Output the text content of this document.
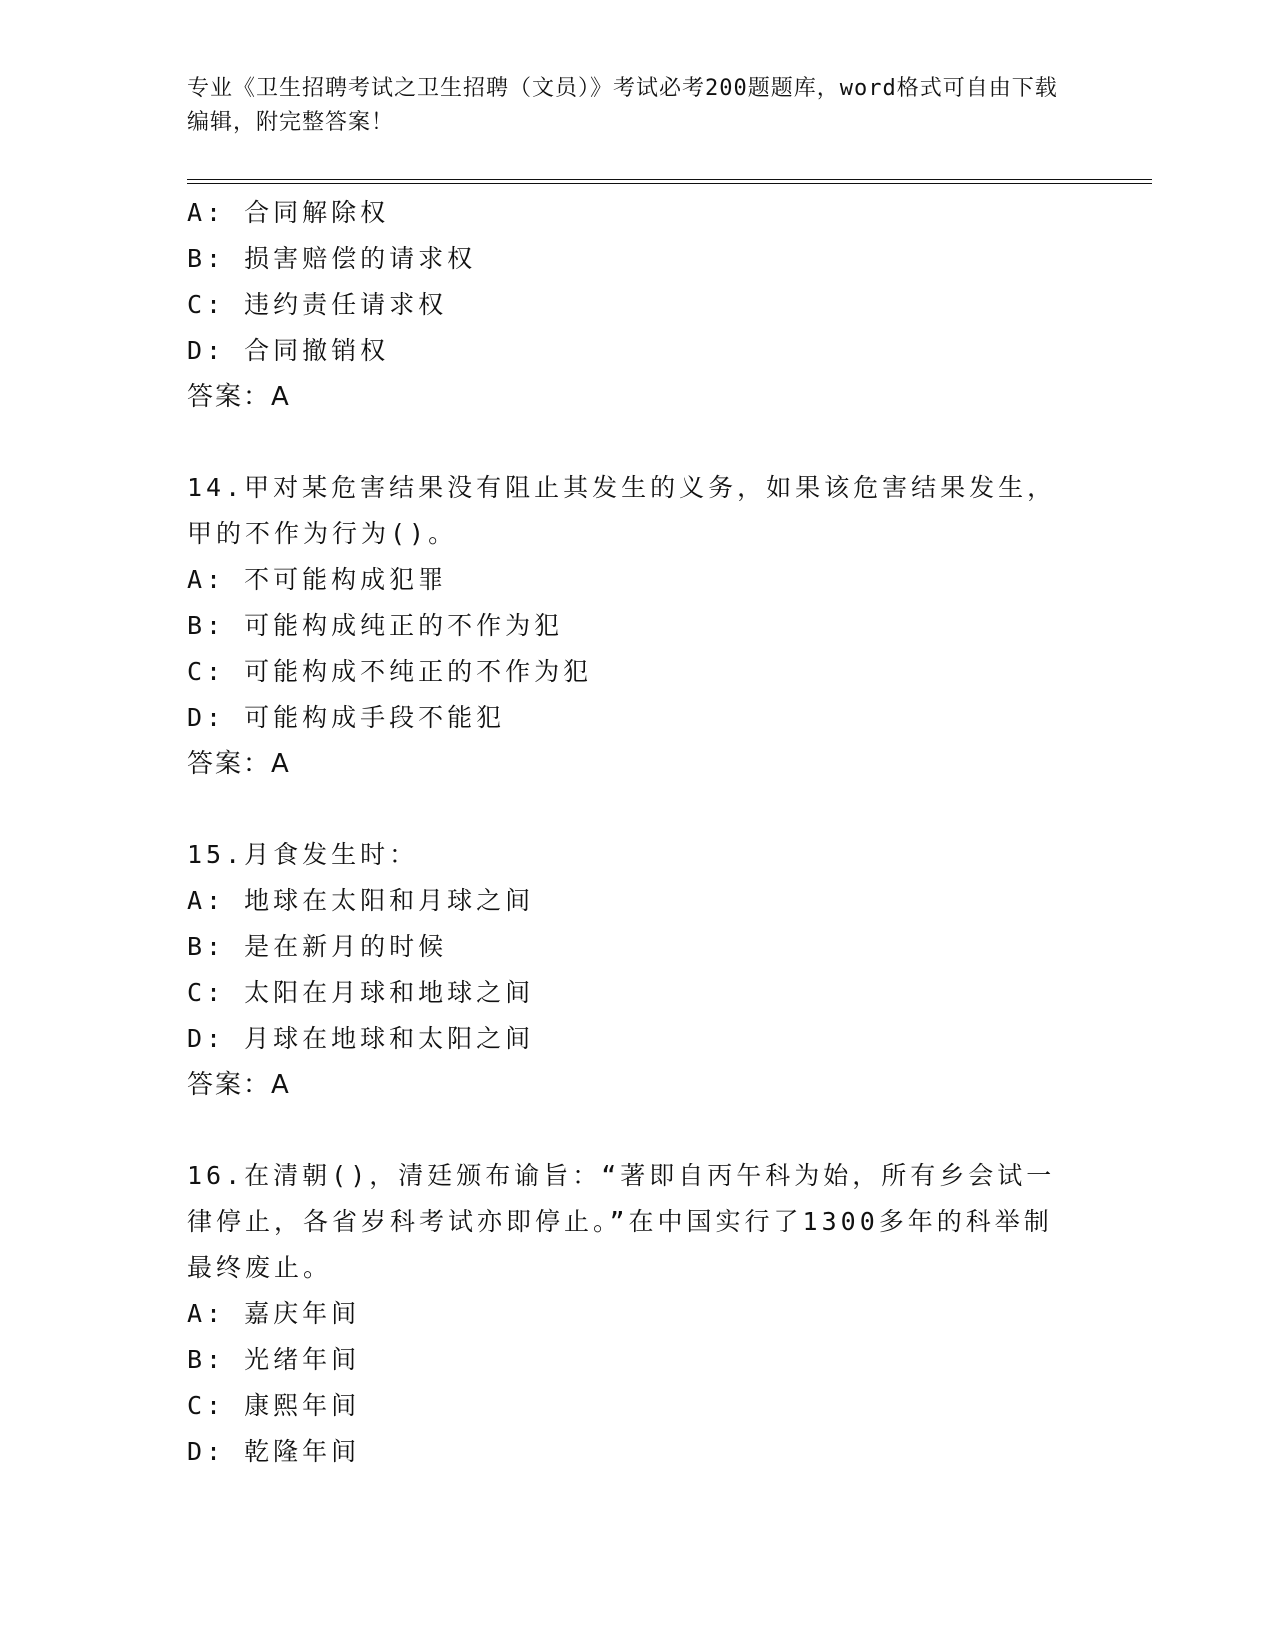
专业《卫生招聘考试之卫生招聘（文员）》考试必考200题题库，word格式可自由下载编辑，附完整答案！
A: 合同解除权
B: 损害赔偿的请求权
C: 违约责任请求权
D: 合同撤销权
答案：A
14.甲对某危害结果没有阻止其发生的义务，如果该危害结果发生，甲的不作为行为()。
A: 不可能构成犯罪
B: 可能构成纯正的不作为犯
C: 可能构成不纯正的不作为犯
D: 可能构成手段不能犯
答案：A
15.月食发生时：
A: 地球在太阳和月球之间
B: 是在新月的时候
C: 太阳在月球和地球之间
D: 月球在地球和太阳之间
答案：A
16.在清朝()，清廷颁布谕旨：“著即自丙午科为始，所有乡会试一律停止，各省岁科考试亦即停止。”在中国实行了1300多年的科举制最终废止。
A: 嘉庆年间
B: 光绪年间
C: 康熙年间
D: 乾隆年间
